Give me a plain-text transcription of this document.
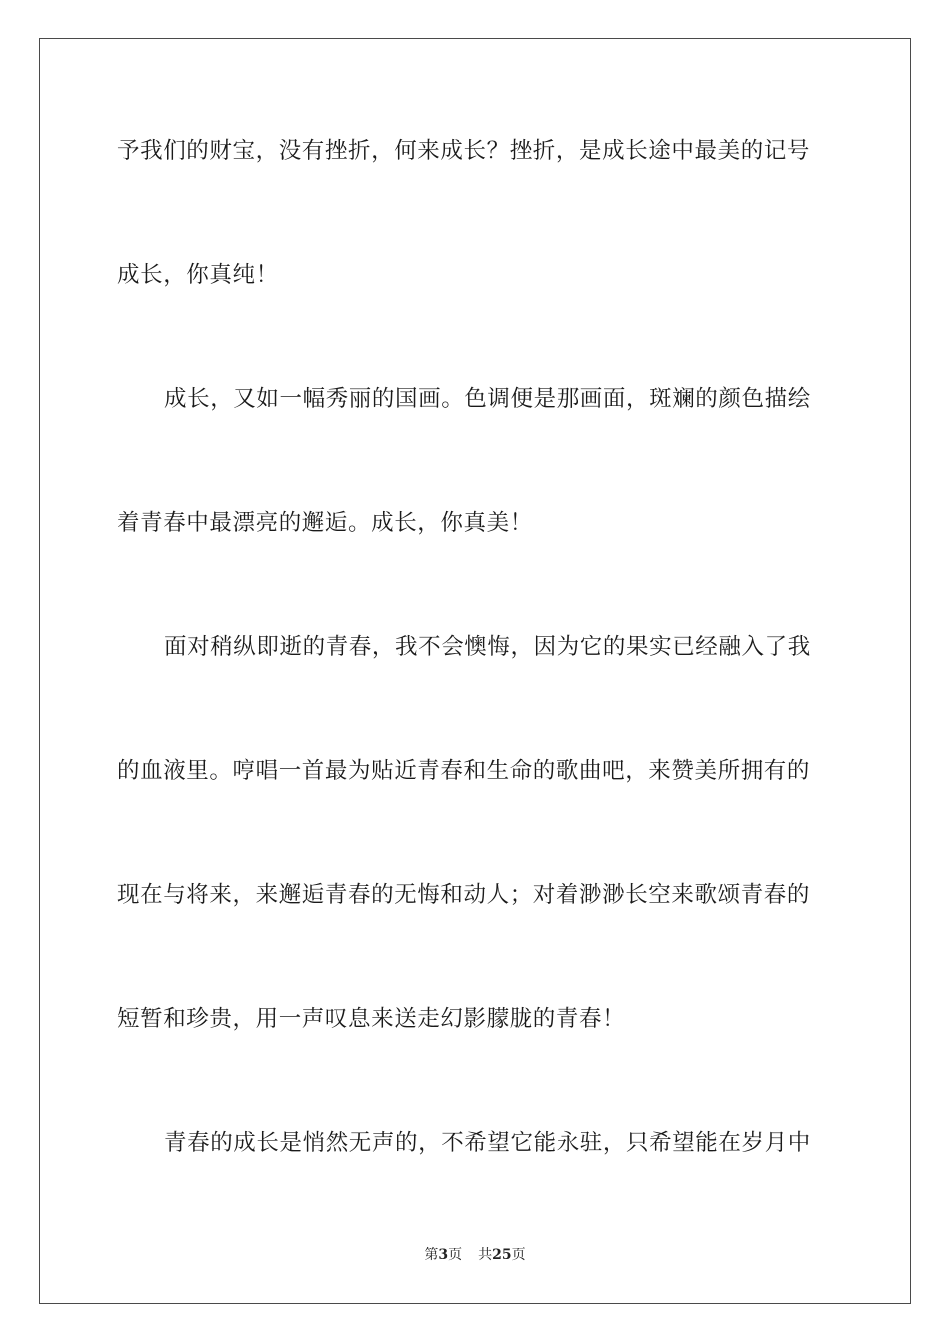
予我们的财宝，没有挫折，何来成长？挫折，是成长途中最美的记号
成长，你真纯！
成长，又如一幅秀丽的国画。色调便是那画面，斑斓的颜色描绘
着青春中最漂亮的邂逅。成长，你真美！
面对稍纵即逝的青春，我不会懊悔，因为它的果实已经融入了我
的血液里。哼唱一首最为贴近青春和生命的歌曲吧，来赞美所拥有的
现在与将来，来邂逅青春的无悔和动人；对着渺渺长空来歌颂青春的
短暂和珍贵，用一声叹息来送走幻影朦胧的青春！
青春的成长是悄然无声的，不希望它能永驻，只希望能在岁月中
第3页 共25页
